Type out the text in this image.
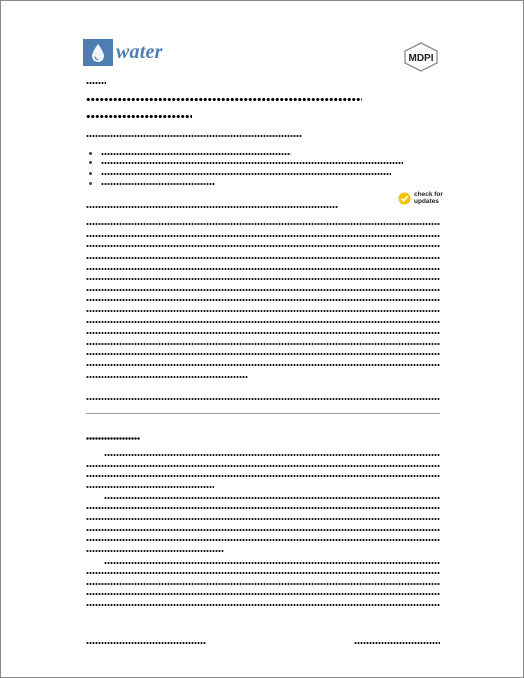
water	MDPI
check for
updates
